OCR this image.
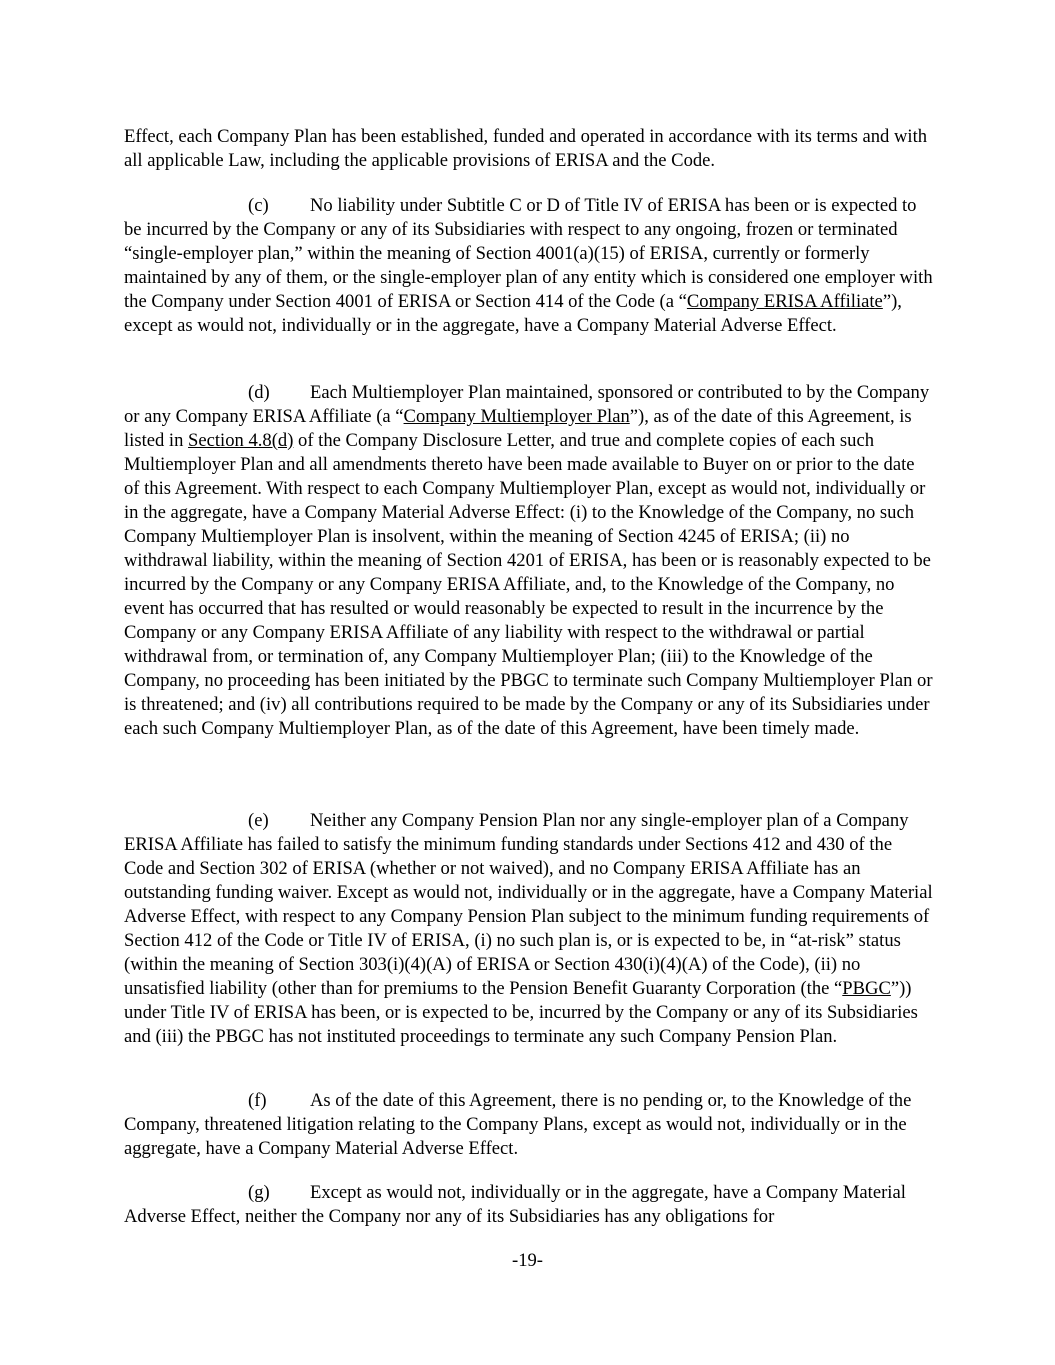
Effect, each Company Plan has been established, funded and operated in accordance with its terms and with all applicable Law, including the applicable provisions of ERISA and the Code.

(c) No liability under Subtitle C or D of Title IV of ERISA has been or is expected to be incurred by the Company or any of its Subsidiaries with respect to any ongoing, frozen or terminated “single-employer plan,” within the meaning of Section 4001(a)(15) of ERISA, currently or formerly maintained by any of them, or the single-employer plan of any entity which is considered one employer with the Company under Section 4001 of ERISA or Section 414 of the Code (a “Company ERISA Affiliate”), except as would not, individually or in the aggregate, have a Company Material Adverse Effect.

(d) Each Multiemployer Plan maintained, sponsored or contributed to by the Company or any Company ERISA Affiliate (a “Company Multiemployer Plan”), as of the date of this Agreement, is listed in Section 4.8(d) of the Company Disclosure Letter, and true and complete copies of each such Multiemployer Plan and all amendments thereto have been made available to Buyer on or prior to the date of this Agreement. With respect to each Company Multiemployer Plan, except as would not, individually or in the aggregate, have a Company Material Adverse Effect: (i) to the Knowledge of the Company, no such Company Multiemployer Plan is insolvent, within the meaning of Section 4245 of ERISA; (ii) no withdrawal liability, within the meaning of Section 4201 of ERISA, has been or is reasonably expected to be incurred by the Company or any Company ERISA Affiliate, and, to the Knowledge of the Company, no event has occurred that has resulted or would reasonably be expected to result in the incurrence by the Company or any Company ERISA Affiliate of any liability with respect to the withdrawal or partial withdrawal from, or termination of, any Company Multiemployer Plan; (iii) to the Knowledge of the Company, no proceeding has been initiated by the PBGC to terminate such Company Multiemployer Plan or is threatened; and (iv) all contributions required to be made by the Company or any of its Subsidiaries under each such Company Multiemployer Plan, as of the date of this Agreement, have been timely made.

(e) Neither any Company Pension Plan nor any single-employer plan of a Company ERISA Affiliate has failed to satisfy the minimum funding standards under Sections 412 and 430 of the Code and Section 302 of ERISA (whether or not waived), and no Company ERISA Affiliate has an outstanding funding waiver. Except as would not, individually or in the aggregate, have a Company Material Adverse Effect, with respect to any Company Pension Plan subject to the minimum funding requirements of Section 412 of the Code or Title IV of ERISA, (i) no such plan is, or is expected to be, in “at-risk” status (within the meaning of Section 303(i)(4)(A) of ERISA or Section 430(i)(4)(A) of the Code), (ii) no unsatisfied liability (other than for premiums to the Pension Benefit Guaranty Corporation (the “PBGC”)) under Title IV of ERISA has been, or is expected to be, incurred by the Company or any of its Subsidiaries and (iii) the PBGC has not instituted proceedings to terminate any such Company Pension Plan.

(f) As of the date of this Agreement, there is no pending or, to the Knowledge of the Company, threatened litigation relating to the Company Plans, except as would not, individually or in the aggregate, have a Company Material Adverse Effect.

(g) Except as would not, individually or in the aggregate, have a Company Material Adverse Effect, neither the Company nor any of its Subsidiaries has any obligations for

-19-
